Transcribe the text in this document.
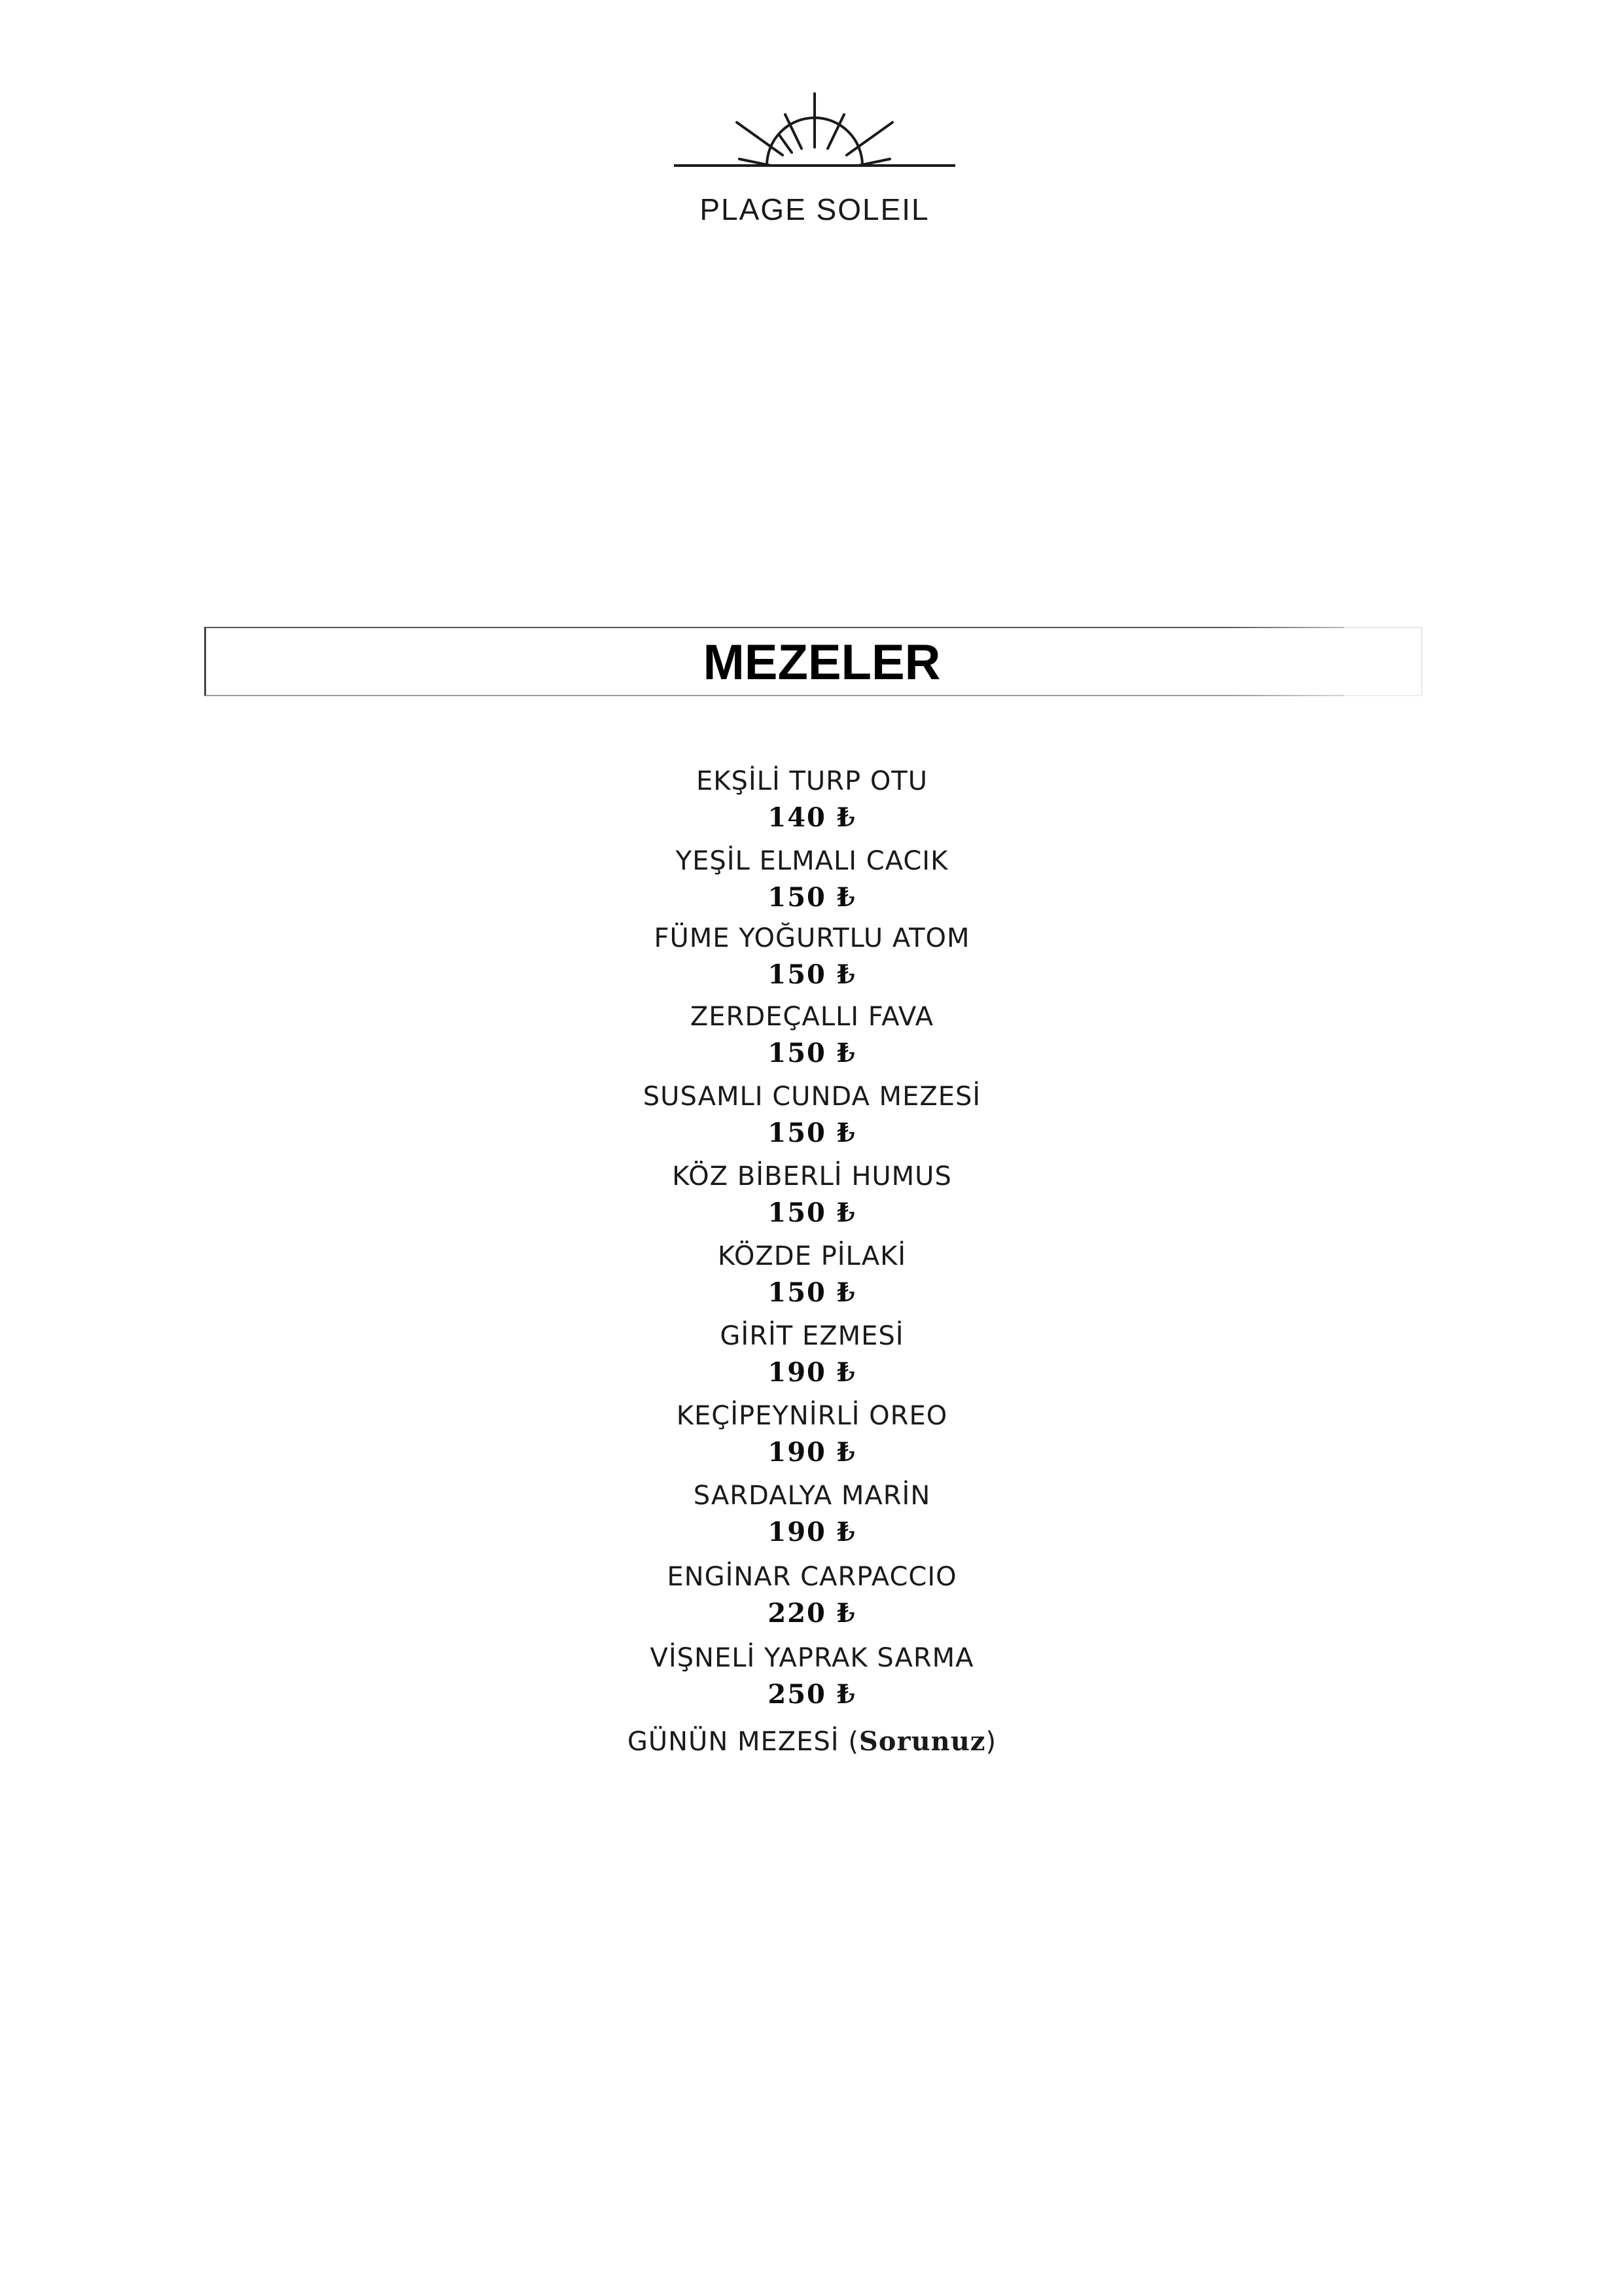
PLAGE SOLEIL
MEZELER
EKŞİLİ TURP OTU
140 ₺
YEŞİL ELMALI CACIK
150 ₺
FÜME YOĞURTLU ATOM
150 ₺
ZERDEÇALLI FAVA
150 ₺
SUSAMLI CUNDA MEZESİ
150 ₺
KÖZ BİBERLİ HUMUS
150 ₺
KÖZDE PİLAKİ
150 ₺
GİRİT EZMESİ
190 ₺
KEÇİPEYNİRLİ OREO
190 ₺
SARDALYA MARİN
190 ₺
ENGİNAR CARPACCIO
220 ₺
VİŞNELİ YAPRAK SARMA
250 ₺
GÜNÜN MEZESİ (Sorunuz)
